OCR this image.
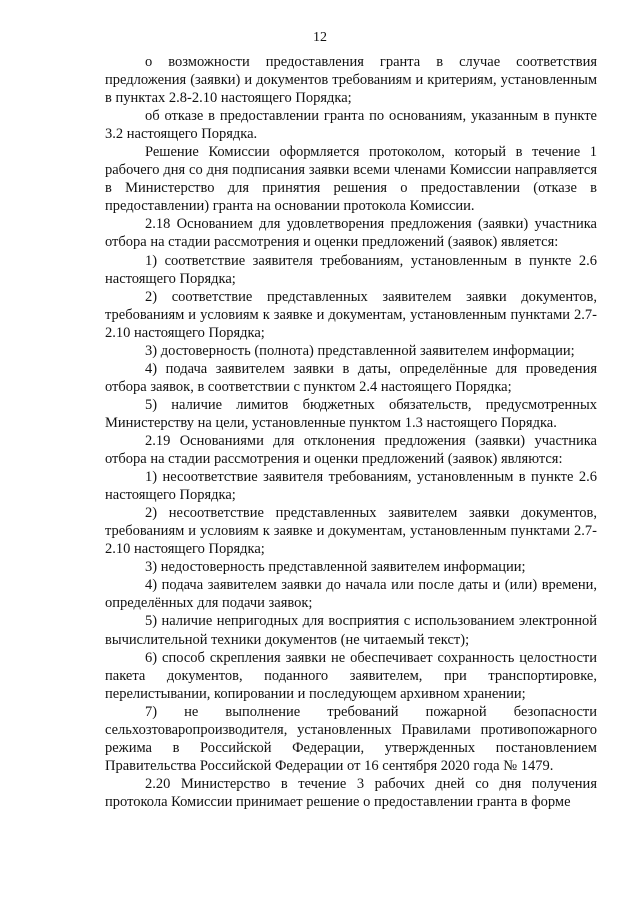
12

о возможности предоставления гранта в случае соответствия предложения (заявки) и документов требованиям и критериям, установленным в пунктах 2.8-2.10 настоящего Порядка;

об отказе в предоставлении гранта по основаниям, указанным в пункте 3.2 настоящего Порядка.

Решение Комиссии оформляется протоколом, который в течение 1 рабочего дня со дня подписания заявки всеми членами Комиссии направляется в Министерство для принятия решения о предоставлении (отказе в предоставлении) гранта на основании протокола Комиссии.

2.18 Основанием для удовлетворения предложения (заявки) участника отбора на стадии рассмотрения и оценки предложений (заявок) является:

1) соответствие заявителя требованиям, установленным в пункте 2.6 настоящего Порядка;

2) соответствие представленных заявителем заявки документов, требованиям и условиям к заявке и документам, установленным пунктами 2.7-2.10 настоящего Порядка;

3) достоверность (полнота) представленной заявителем информации;

4) подача заявителем заявки в даты, определённые для проведения отбора заявок, в соответствии с пунктом 2.4 настоящего Порядка;

5) наличие лимитов бюджетных обязательств, предусмотренных Министерству на цели, установленные пунктом 1.3 настоящего Порядка.

2.19 Основаниями для отклонения предложения (заявки) участника отбора на стадии рассмотрения и оценки предложений (заявок) являются:

1) несоответствие заявителя требованиям, установленным в пункте 2.6 настоящего Порядка;

2) несоответствие представленных заявителем заявки документов, требованиям и условиям к заявке и документам, установленным пунктами 2.7-2.10 настоящего Порядка;

3) недостоверность представленной заявителем информации;

4) подача заявителем заявки до начала или после даты и (или) времени, определённых для подачи заявок;

5) наличие непригодных для восприятия с использованием электронной вычислительной техники документов (не читаемый текст);

6) способ скрепления заявки не обеспечивает сохранность целостности пакета документов, поданного заявителем, при транспортировке, перелистывании, копировании и последующем архивном хранении;

7) не выполнение требований пожарной безопасности сельхозтоваропроизводителя, установленных Правилами противопожарного режима в Российской Федерации, утвержденных постановлением Правительства Российской Федерации от 16 сентября 2020 года № 1479.

2.20 Министерство в течение 3 рабочих дней со дня получения протокола Комиссии принимает решение о предоставлении гранта в форме
